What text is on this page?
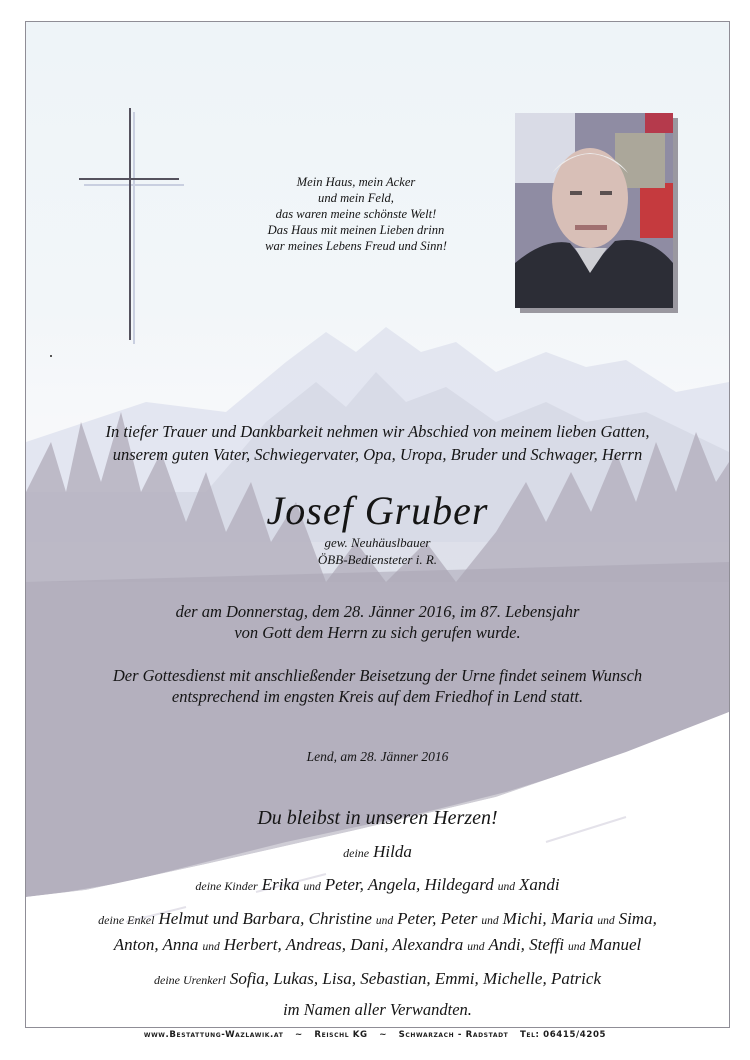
Mein Haus, mein Acker
und mein Feld,
das waren meine schönste Welt!
Das Haus mit meinen Lieben drinn
war meines Lebens Freud und Sinn!
In tiefer Trauer und Dankbarkeit nehmen wir Abschied von meinem lieben Gatten,
unserem guten Vater, Schwiegervater, Opa, Uropa, Bruder und Schwager, Herrn
Josef Gruber
gew. Neuhäuslbauer
ÖBB-Bediensteter i. R.
der am Donnerstag, dem 28. Jänner 2016, im 87. Lebensjahr
von Gott dem Herrn zu sich gerufen wurde.
Der Gottesdienst mit anschließender Beisetzung der Urne findet seinem Wunsch
entsprechend im engsten Kreis auf dem Friedhof in Lend statt.
Lend, am 28. Jänner 2016
Du bleibst in unseren Herzen!
deine Hilda
deine Kinder Erika und Peter, Angela, Hildegard und Xandi
deine Enkel Helmut und Barbara, Christine und Peter, Peter und Michi, Maria und Sima,
Anton, Anna und Herbert, Andreas, Dani, Alexandra und Andi, Steffi und Manuel
deine Urenkerl Sofia, Lukas, Lisa, Sebastian, Emmi, Michelle, Patrick
im Namen aller Verwandten.
www.Bestattung-Wazlawik.at ~ Reischl KG ~ Schwarzach - Radstadt Tel: 06415/4205
